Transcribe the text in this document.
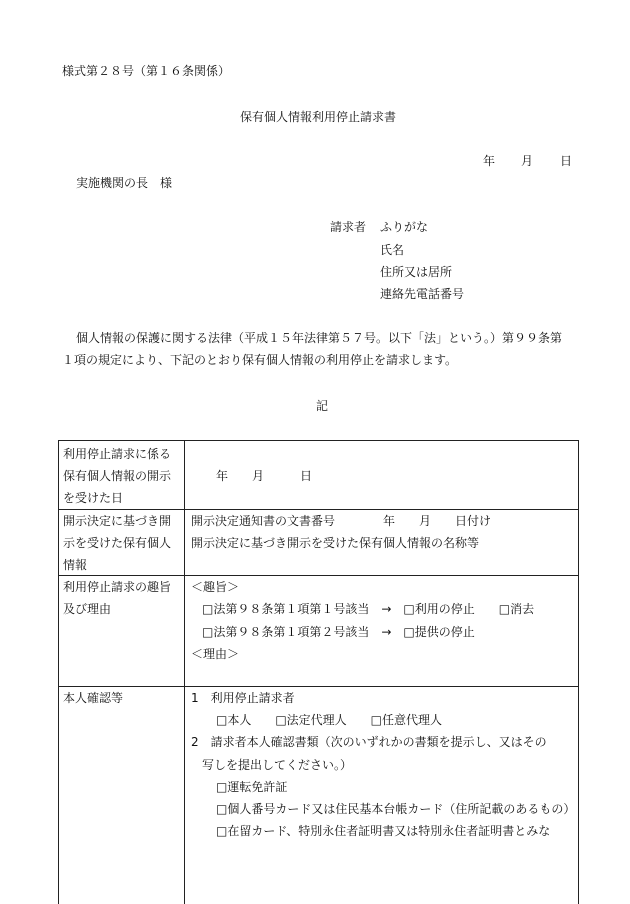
様式第２８号（第１６条関係）
保有個人情報利用停止請求書
年 月 日
実施機関の長　様
請求者 ふりがな
氏名
住所又は居所
連絡先電話番号
個人情報の保護に関する法律（平成１５年法律第５７号。以下「法」という。）第９９条第
１項の規定により、下記のとおり保有個人情報の利用停止を請求します。
記
利用停止請求に係る
保有個人情報の開示
を受けた日
年　　月　　　日
開示決定に基づき開
示を受けた保有個人
情報
開示決定通知書の文書番号　　　　年　　月　　日付け
開示決定に基づき開示を受けた保有個人情報の名称等
利用停止請求の趣旨
及び理由
＜趣旨＞
□法第９８条第１項第１号該当　→　□利用の停止　　□消去
□法第９８条第１項第２号該当　→　□提供の停止
＜理由＞
本人確認等	1　利用停止請求者
□本人　　□法定代理人　　□任意代理人
2　請求者本人確認書類（次のいずれかの書類を提示し、又はその
写しを提出してください。）
□運転免許証
□個人番号カード又は住民基本台帳カード（住所記載のあるもの）
□在留カード、特別永住者証明書又は特別永住者証明書とみな
